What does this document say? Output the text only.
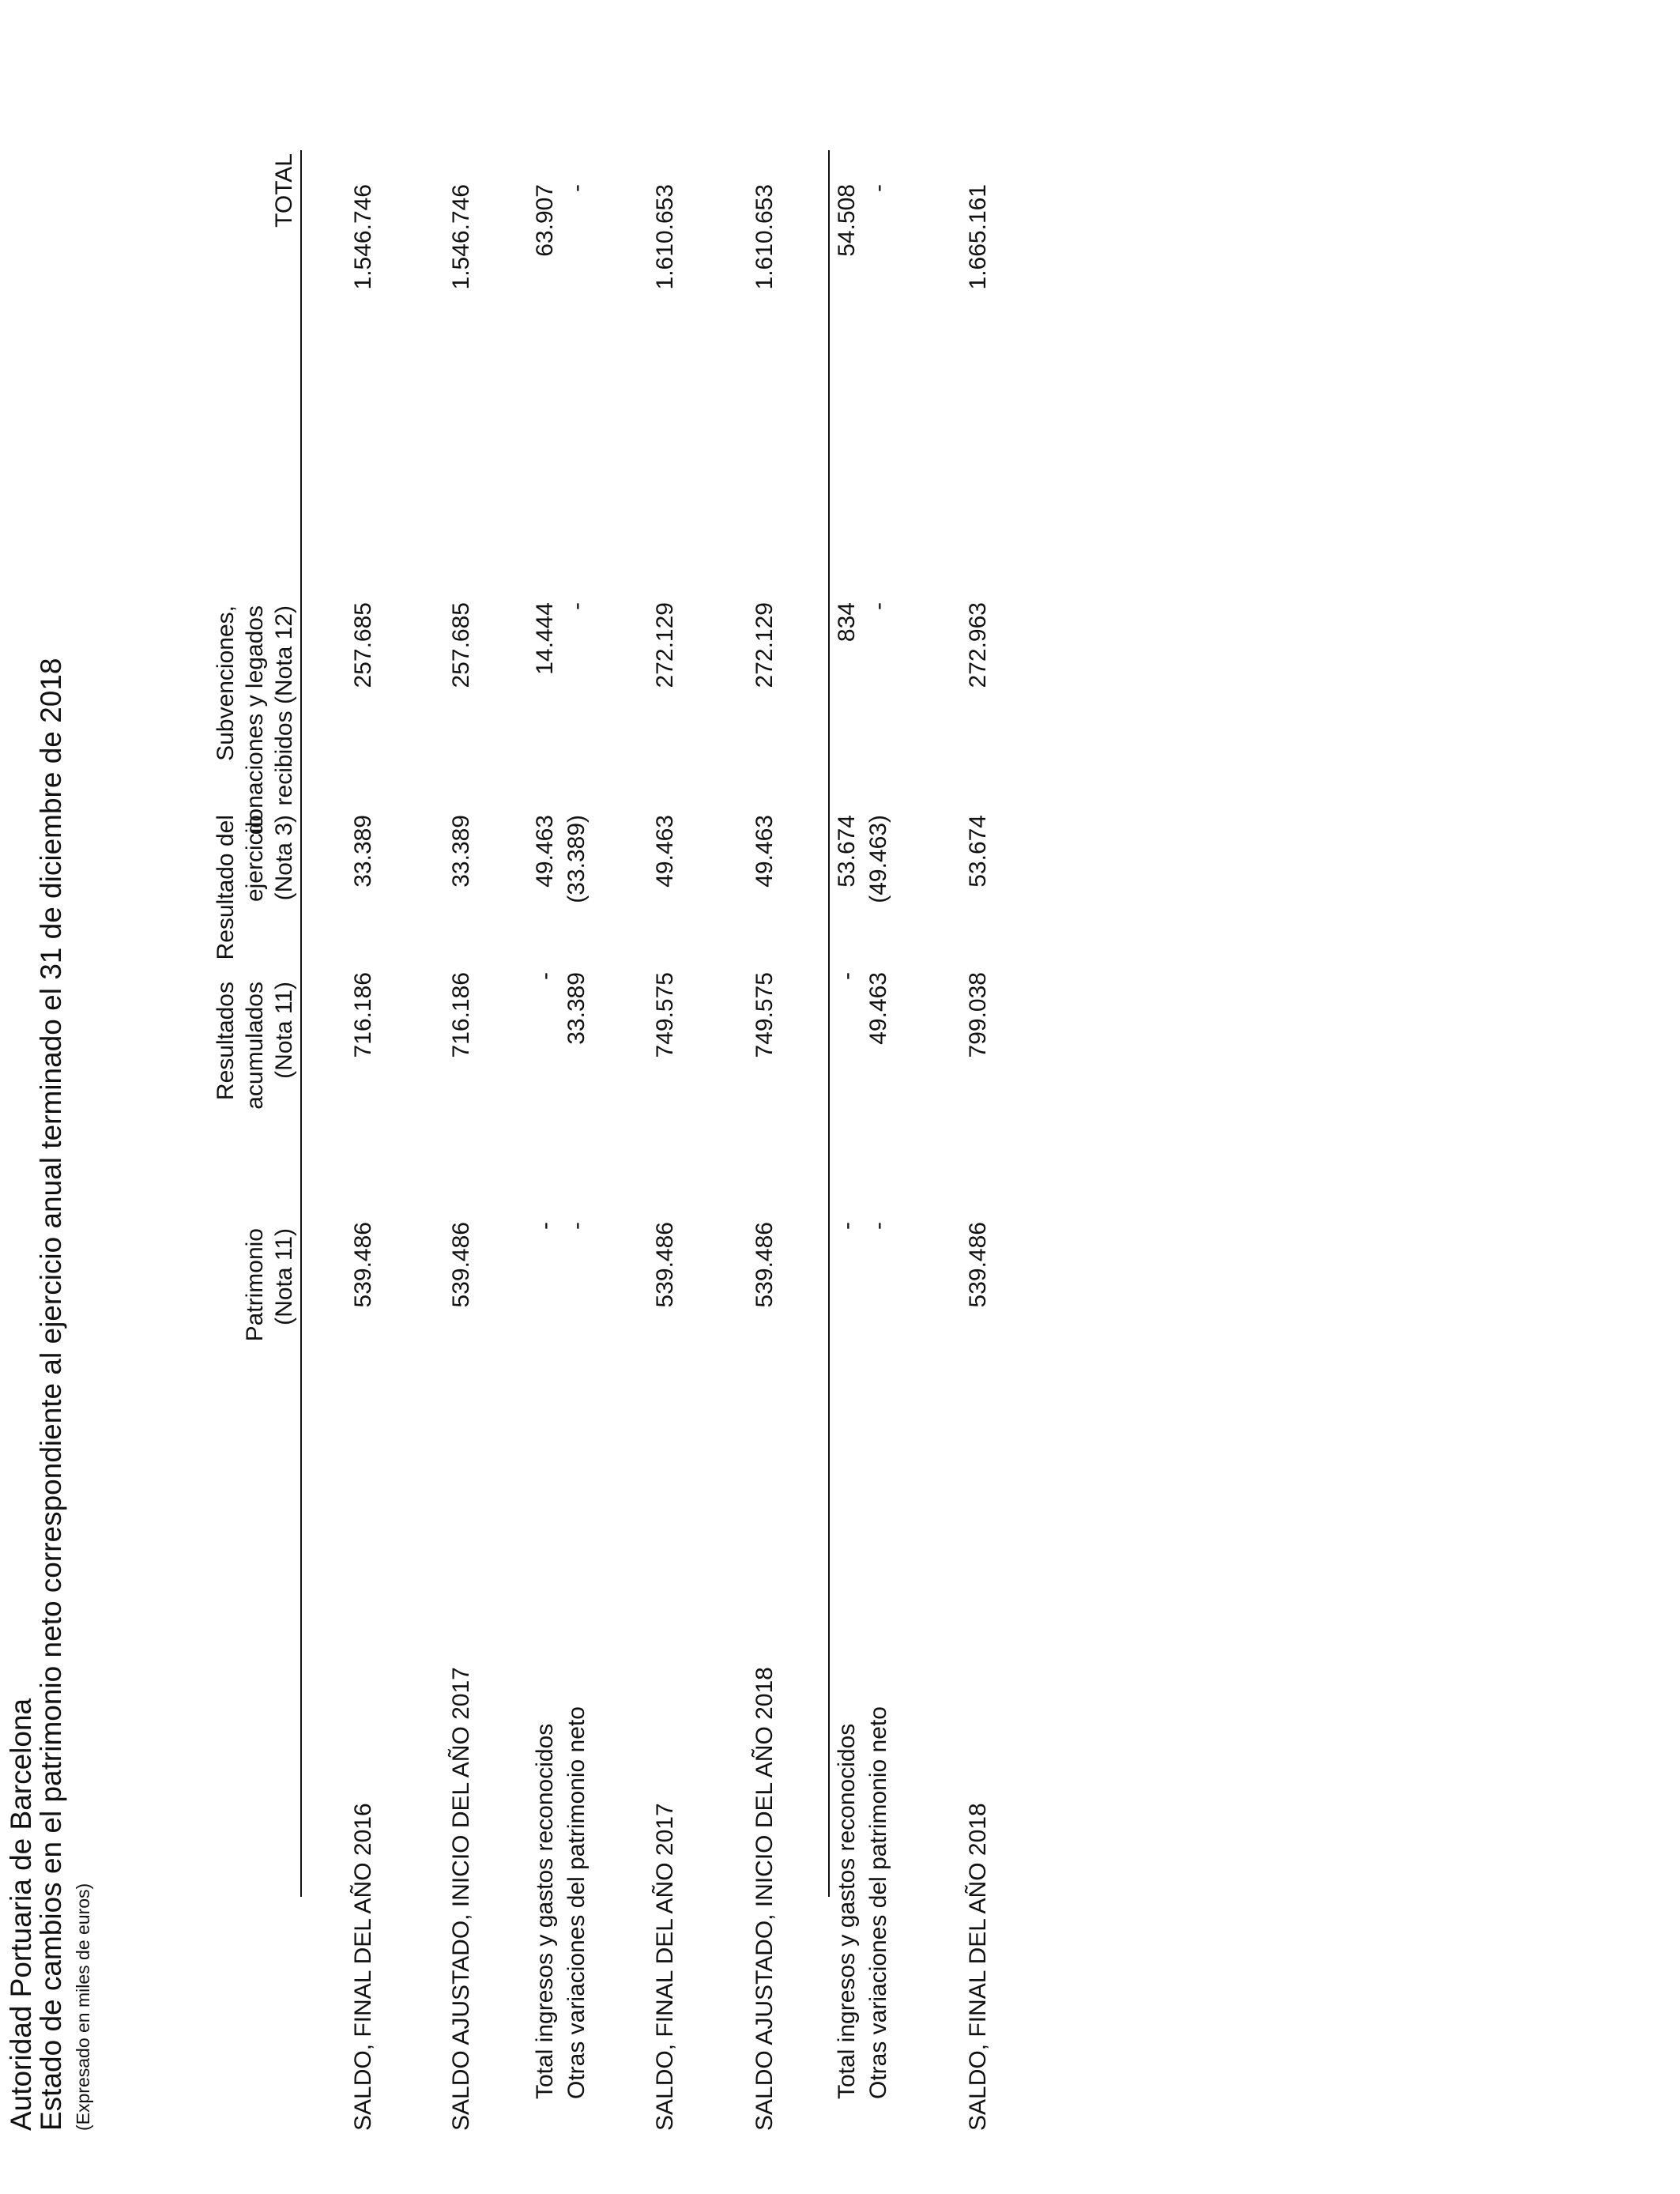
Autoridad Portuaria de Barcelona
Estado de cambios en el patrimonio neto correspondiente al ejercicio anual terminado el 31 de diciembre de 2018 (Expresado en miles de euros)
Patrimonio (Nota 11)
Resultados acumulados (Nota 11)
Resultado del ejercicio (Nota 3)
Subvenciones, donaciones y legados recibidos (Nota 12)
TOTAL
SALDO, FINAL DEL AÑO 2016
539.486
716.186
33.389
257.685
1.546.746
SALDO AJUSTADO, INICIO DEL AÑO 2017
539.486
716.186
33.389
257.685
1.546.746
Total ingresos y gastos reconocidos
-
-
49.463
14.444
63.907
Otras variaciones del patrimonio neto
-
33.389
(33.389)
-
-
SALDO, FINAL DEL AÑO 2017
539.486
749.575
49.463
272.129
1.610.653
SALDO AJUSTADO, INICIO DEL AÑO 2018
539.486
749.575
49.463
272.129
1.610.653
Total ingresos y gastos reconocidos
-
-
53.674
834
54.508
Otras variaciones del patrimonio neto
-
49.463
(49.463)
-
-
SALDO, FINAL DEL AÑO 2018
539.486
799.038
53.674
272.963
1.665.161
